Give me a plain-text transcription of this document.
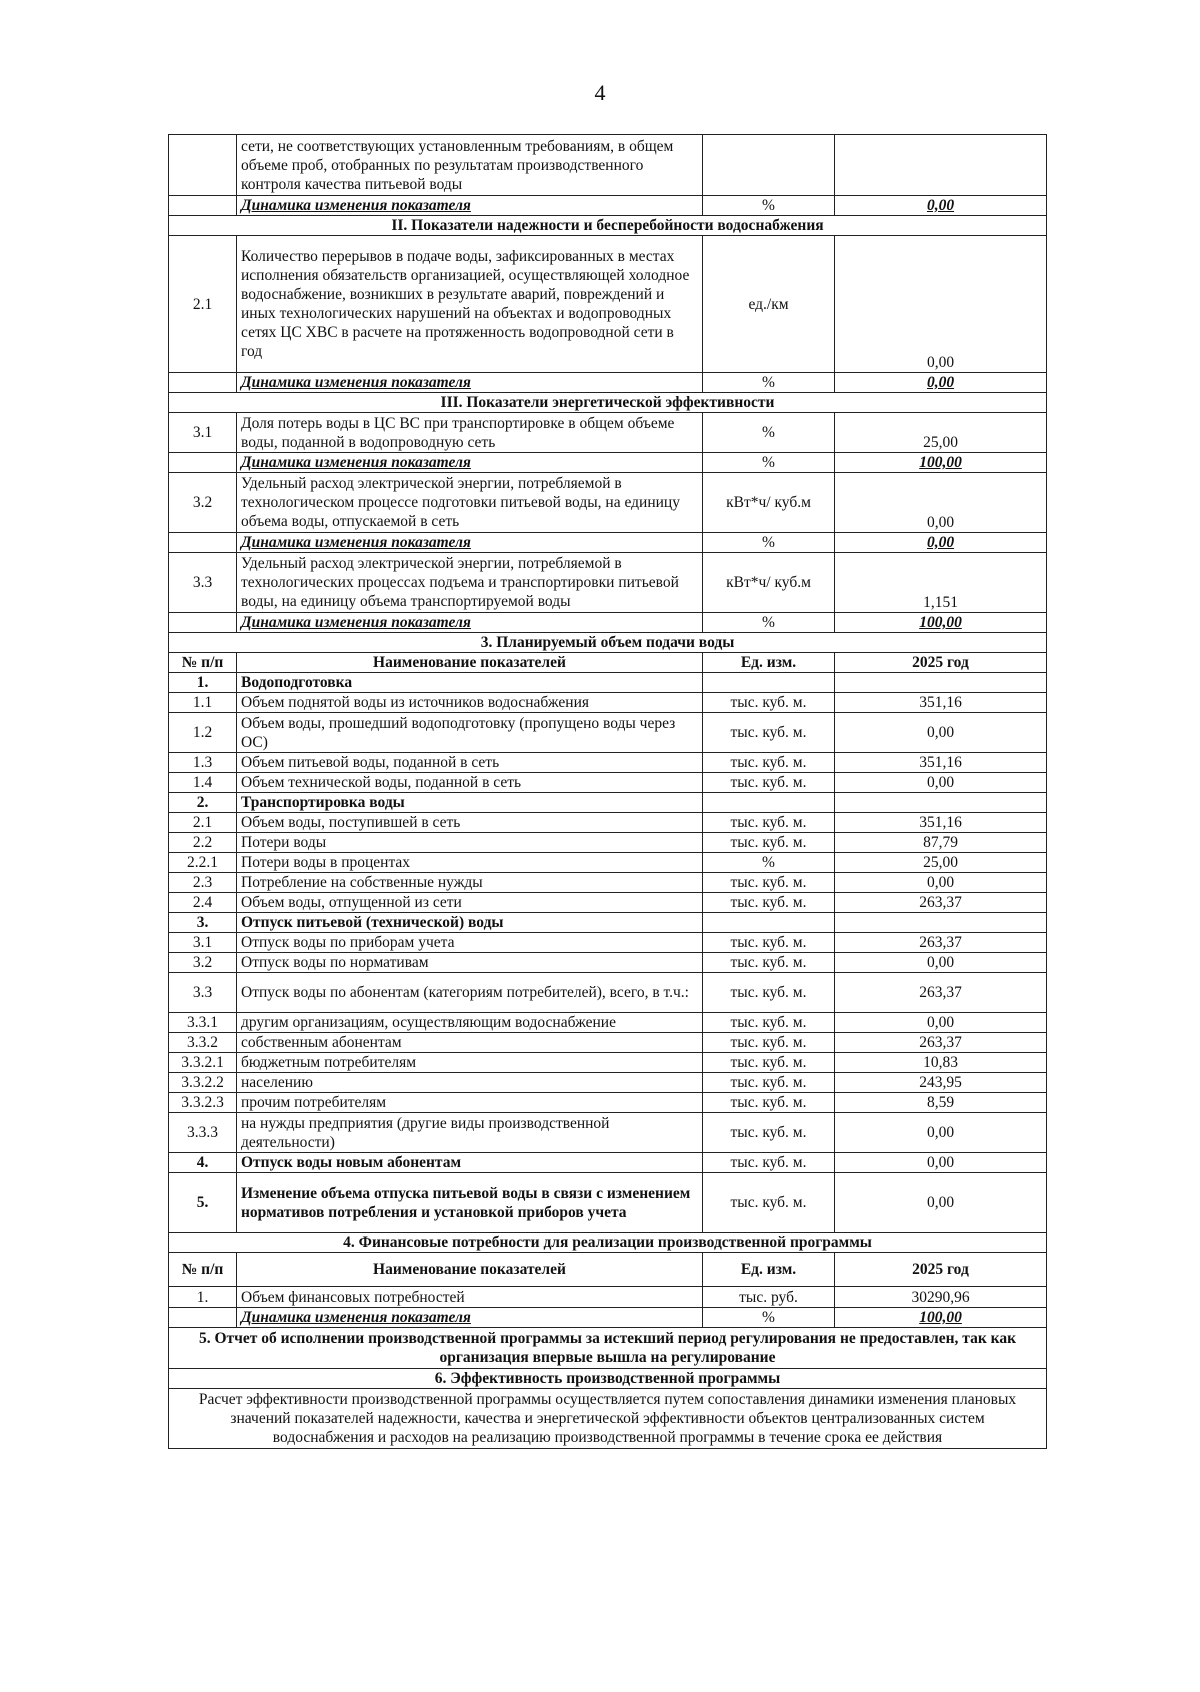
4
	сети, не соответствующих установленным требованиям, в общем объеме проб, отобранных по результатам производственного контроля качества питьевой воды		
	Динамика изменения показателя	%	0,00
II. Показатели надежности и бесперебойности водоснабжения			
2.1	Количество перерывов в подаче воды, зафиксированных в местах исполнения обязательств организацией, осуществляющей холодное водоснабжение, возникших в результате аварий, повреждений и иных технологических нарушений на объектах и водопроводных сетях ЦС ХВС в расчете на протяженность водопроводной сети в год	ед./км	0,00
	Динамика изменения показателя	%	0,00
III. Показатели энергетической эффективности			
3.1	Доля потерь воды в ЦС ВС при транспортировке в общем объеме воды, поданной в водопроводную сеть	%	25,00
	Динамика изменения показателя	%	100,00
3.2	Удельный расход электрической энергии, потребляемой в технологическом процессе подготовки питьевой воды, на единицу объема воды, отпускаемой в сеть	кВт*ч/ куб.м	0,00
	Динамика изменения показателя	%	0,00
3.3	Удельный расход электрической энергии, потребляемой в технологических процессах подъема и транспортировки питьевой воды, на единицу объема транспортируемой воды	кВт*ч/ куб.м	1,151
	Динамика изменения показателя	%	100,00
3. Планируемый объем подачи воды			
№ п/п	Наименование показателей	Ед. изм.	2025 год
1.	Водоподготовка		
1.1	Объем поднятой воды из источников водоснабжения	тыс. куб. м.	351,16
1.2	Объем воды, прошедший водоподготовку (пропущено воды через ОС)	тыс. куб. м.	0,00
1.3	Объем питьевой воды, поданной в сеть	тыс. куб. м.	351,16
1.4	Объем технической воды, поданной в сеть	тыс. куб. м.	0,00
2.	Транспортировка воды		
2.1	Объем воды, поступившей в сеть	тыс. куб. м.	351,16
2.2	Потери воды	тыс. куб. м.	87,79
2.2.1	Потери воды в процентах	%	25,00
2.3	Потребление на собственные нужды	тыс. куб. м.	0,00
2.4	Объем воды, отпущенной из сети	тыс. куб. м.	263,37
3.	Отпуск питьевой (технической) воды		
3.1	Отпуск воды по приборам учета	тыс. куб. м.	263,37
3.2	Отпуск воды по нормативам	тыс. куб. м.	0,00
3.3	Отпуск воды по абонентам (категориям потребителей), всего, в т.ч.:	тыс. куб. м.	263,37
3.3.1	другим организациям, осуществляющим водоснабжение	тыс. куб. м.	0,00
3.3.2	собственным абонентам	тыс. куб. м.	263,37
3.3.2.1	бюджетным потребителям	тыс. куб. м.	10,83
3.3.2.2	населению	тыс. куб. м.	243,95
3.3.2.3	прочим потребителям	тыс. куб. м.	8,59
3.3.3	на нужды предприятия (другие виды производственной деятельности)	тыс. куб. м.	0,00
4.	Отпуск воды новым абонентам	тыс. куб. м.	0,00
5.	Изменение объема отпуска питьевой воды в связи с изменением нормативов потребления и установкой приборов учета	тыс. куб. м.	0,00
4. Финансовые потребности для реализации производственной программы			
№ п/п	Наименование показателей	Ед. изм.	2025 год
1.	Объем финансовых потребностей	тыс. руб.	30290,96
	Динамика изменения показателя	%	100,00
5. Отчет об исполнении производственной программы за истекший период регулирования не предоставлен, так как организация впервые вышла на регулирование			
6. Эффективность производственной программы			
Расчет эффективности производственной программы осуществляется путем сопоставления динамики изменения плановых значений показателей надежности, качества и энергетической эффективности объектов централизованных систем водоснабжения и расходов на реализацию производственной программы в течение срока ее действия			
